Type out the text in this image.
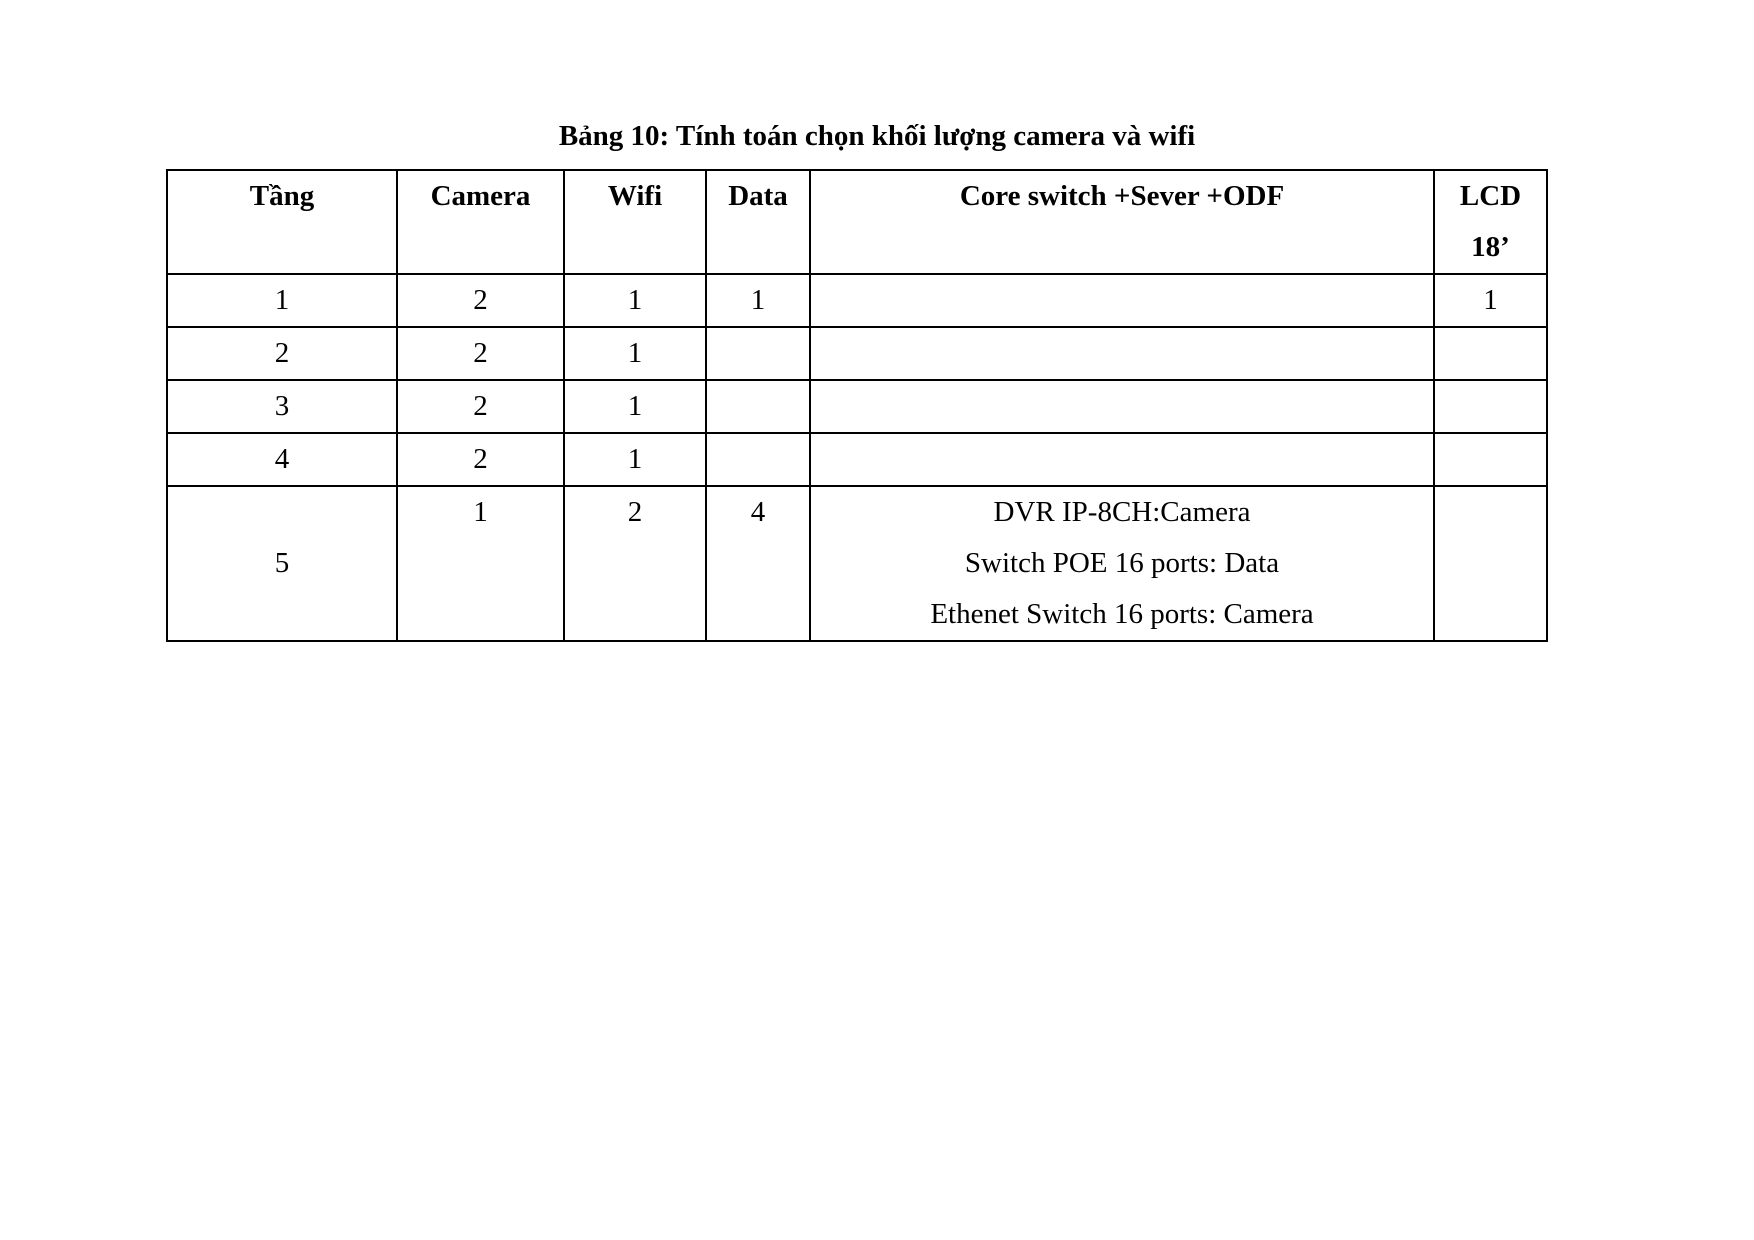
Bảng 10: Tính toán chọn khối lượng camera và wifi
Tầng	Camera	Wifi	Data	Core switch +Sever +ODF	LCD
18’

1	2	1	1		1
2	2	1			
3	2	1			
4	2	1			
5	1	2	4	DVR IP-8CH:Camera
Switch POE 16 ports: Data
Ethenet Switch 16 ports: Camera	
